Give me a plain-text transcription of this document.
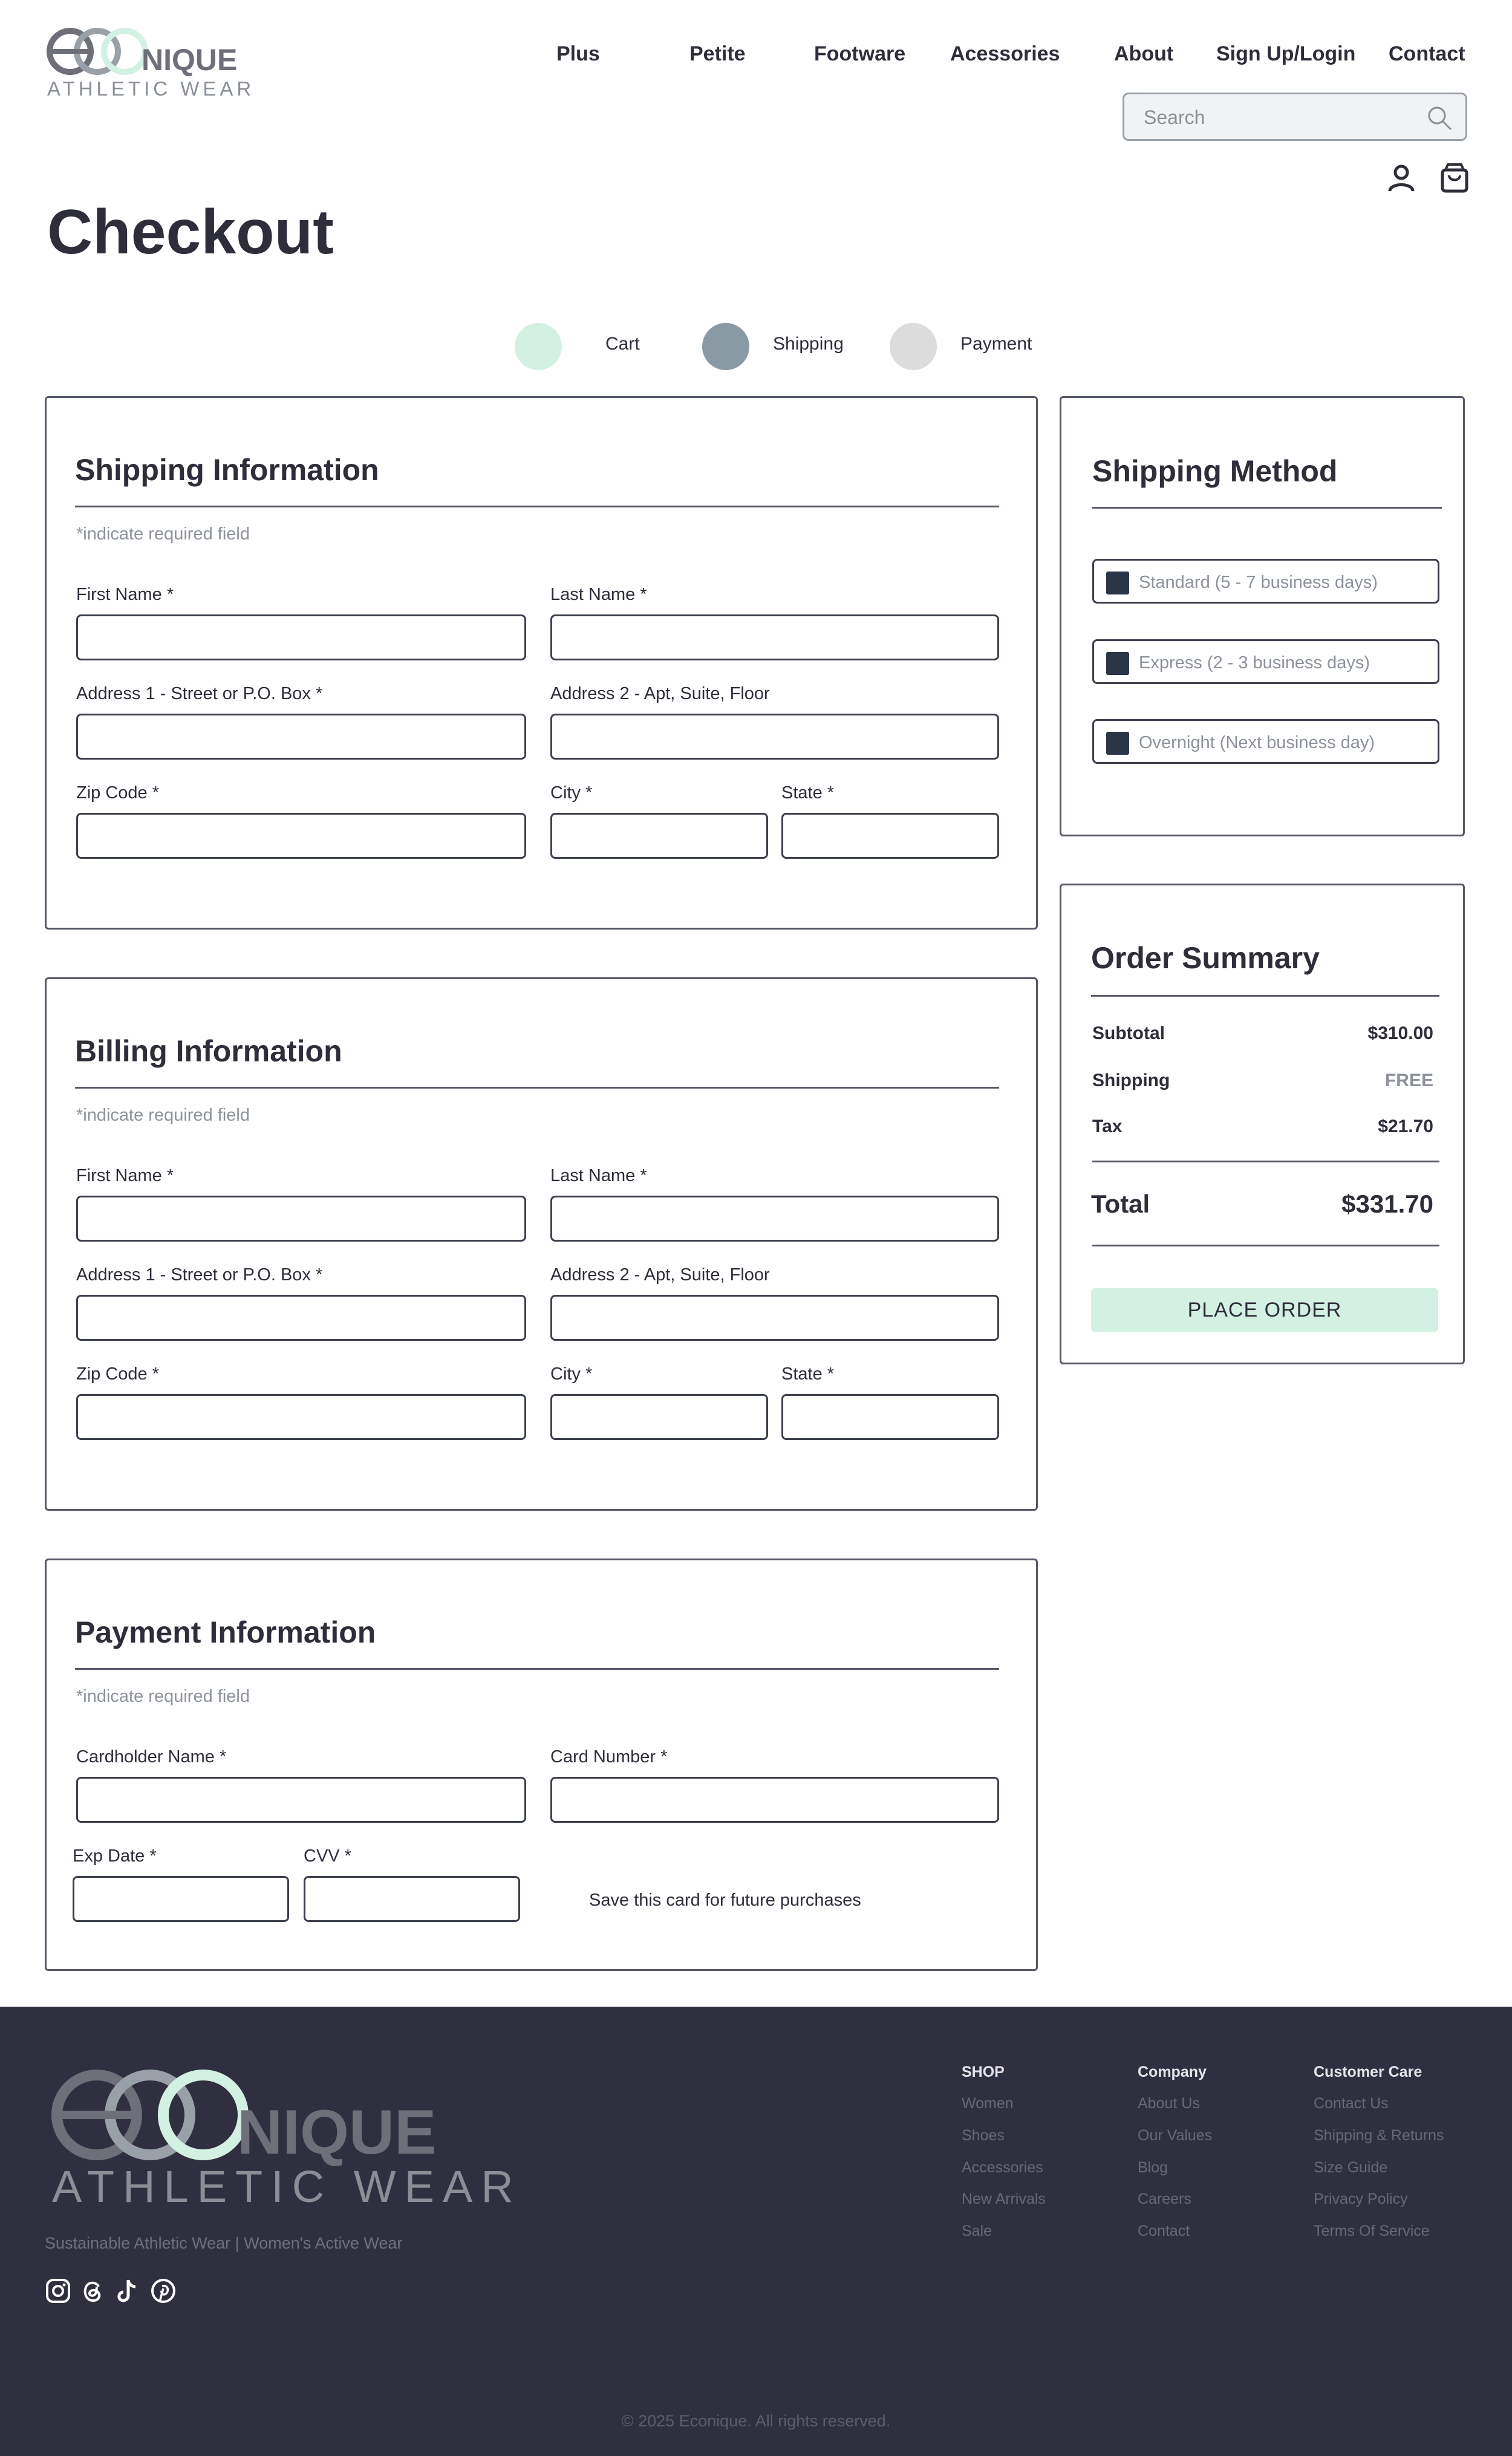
NIQUE
ATHLETIC WEAR
Plus	Petite	Footware Acessories	About Sign Up/Login Contact
Search
Checkout
Cart	Shipping	Payment
Shipping Information
*indicate required field
First Name *	Last Name *
Address 1 - Street or P.O. Box *	Address 2 - Apt, Suite, Floor
Zip Code *	City *	State *
Billing Information
*indicate required field
First Name *	Last Name *
Address 1 - Street or P.O. Box *	Address 2 - Apt, Suite, Floor
Zip Code *	City *	State *
Payment Information
*indicate required field
Cardholder Name *	Card Number *
Exp Date *	CVV *
Save this card for future purchases
Shipping Method
Standard (5 - 7 business days)
Express (2 - 3 business days)
Overnight (Next business day)
Order Summary
Subtotal	$310.00
Shipping	FREE
Tax	$21.70
Total	$331.70
PLACE ORDER
NIQUE
ATHLETIC WEAR
Sustainable Athletic Wear | Women's Active Wear
SHOP
Women
Shoes
Accessories
New Arrivals
Sale
Company
About Us
Our Values
Blog
Careers
Contact
Customer Care
Contact Us
Shipping & Returns
Size Guide
Privacy Policy
Terms Of Service
© 2025 Econique. All rights reserved.
